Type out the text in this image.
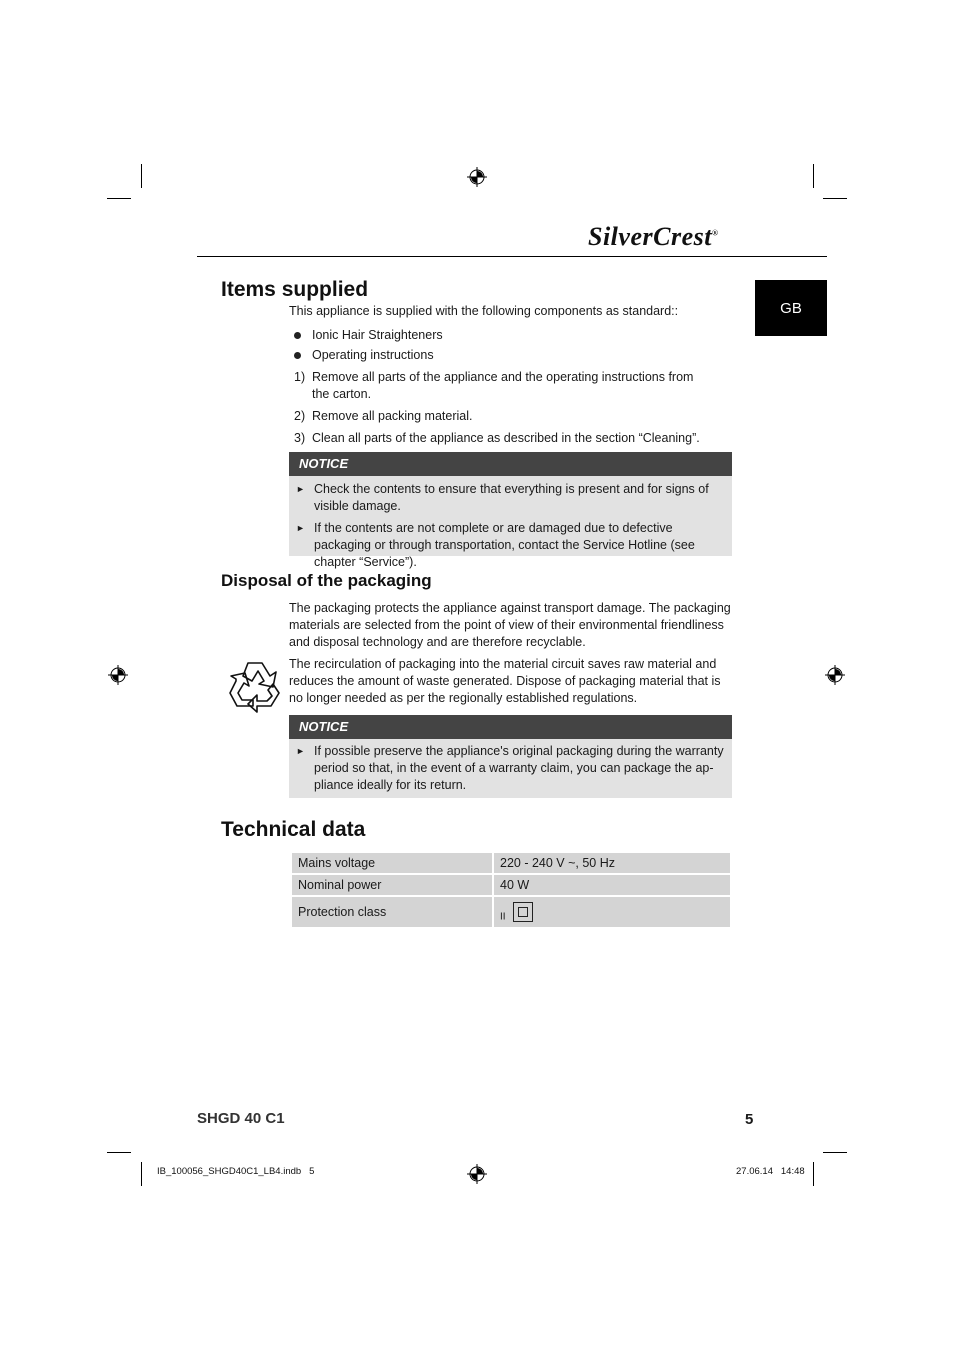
SilverCrest®
GB
Items supplied
This appliance is supplied with the following components as standard::
Ionic Hair Straighteners
Operating instructions
1) Remove all parts of the appliance and the operating instructions from the carton.
2) Remove all packing material.
3) Clean all parts of the appliance as described in the section “Cleaning”.
NOTICE
► Check the contents to ensure that everything is present and for signs of visible damage.
► If the contents are not complete or are damaged due to defective packaging or through transportation, contact the Service Hotline (see chapter “Service”).
Disposal of the packaging
The packaging protects the appliance against transport damage. The packaging materials are selected from the point of view of their environmental friendliness and disposal technology and are therefore recyclable.
The recirculation of packaging into the material circuit saves raw material and reduces the amount of waste generated. Dispose of packaging material that is no longer needed as per the regionally established regulations.
NOTICE
► If possible preserve the appliance's original packaging during the warranty period so that, in the event of a warranty claim, you can package the ap-pliance ideally for its return.
Technical data
Mains voltage	220 - 240 V ~, 50 Hz
Nominal power	40 W
Protection class	$_{II}$
SHGD 40 C1	5
IB_100056_SHGD40C1_LB4.indb   5	27.06.14   14:48
